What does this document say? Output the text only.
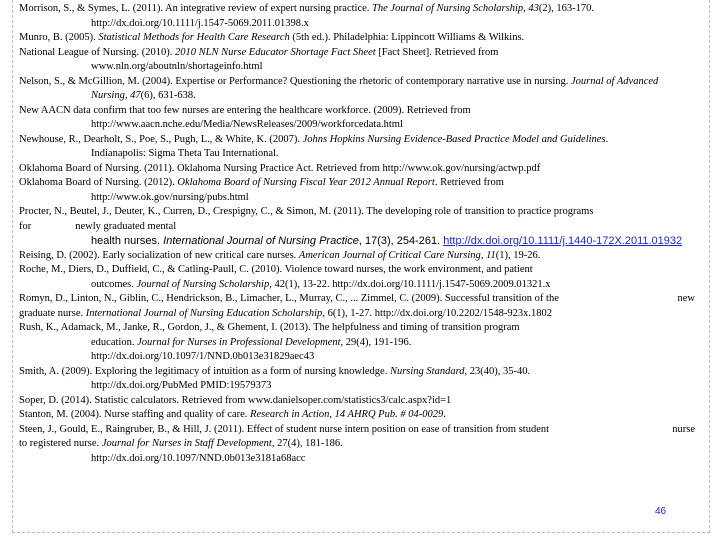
Morrison, S., & Symes, L. (2011). An integrative review of expert nursing practice. The Journal of Nursing Scholarship, 43(2), 163-170.
http://dx.doi.org/10.1111/j.1547-5069.2011.01398.x

Munro, B. (2005). Statistical Methods for Health Care Research (5th ed.). Philadelphia: Lippincott Williams & Wilkins.

National League of Nursing. (2010). 2010 NLN Nurse Educator Shortage Fact Sheet [Fact Sheet]. Retrieved from
www.nln.org/aboutnln/shortageinfo.html

Nelson, S., & McGillion, M. (2004). Expertise or Performance? Questioning the rhetoric of contemporary narrative use in nursing. Journal of Advanced Nursing, 47(6), 631-638.

New AACN data confirm that too few nurses are entering the healthcare workforce. (2009). Retrieved from
http://www.aacn.nche.edu/Media/NewsReleases/2009/workforcedata.html

Newhouse, R., Dearholt, S., Poe, S., Pugh, L., & White, K. (2007). Johns Hopkins Nursing Evidence-Based Practice Model and Guidelines.
Indianapolis: Sigma Theta Tau International.

Oklahoma Board of Nursing. (2011). Oklahoma Nursing Practice Act. Retrieved from http://www.ok.gov/nursing/actwp.pdf

Oklahoma Board of Nursing. (2012). Oklahoma Board of Nursing Fiscal Year 2012 Annual Report. Retrieved from
http://www.ok.gov/nursing/pubs.html

Procter, N., Beutel, J., Deuter, K., Curren, D., Crespigny, C., & Simon, M. (2011). The developing role of transition to practice programs
for	newly graduated mental

health nurses. International Journal of Nursing Practice, 17(3), 254-261. http://dx.doi.org/10.1111/j.1440-172X.2011.01932

Reising, D. (2002). Early socialization of new critical care nurses. American Journal of Critical Care Nursing, 11(1), 19-26.

Roche, M., Diers, D., Duffield, C., & Catling-Paull, C. (2010). Violence toward nurses, the work environment, and patient
outcomes. Journal of Nursing Scholarship, 42(1), 13-22. http://dx.doi.org/10.1111/j.1547-5069.2009.01321.x

Romyn, D., Linton, N., Giblin, C., Hendrickson, B., Limacher, L., Murray, C., ... Zimmel, C. (2009). Successful transition of the	new
graduate nurse. International Journal of Nursing Education Scholarship, 6(1), 1-27. http://dx.doi.org/10.2202/1548-923x.1802

Rush, K., Adamack, M., Janke, R., Gordon, J., & Ghement, I. (2013). The helpfulness and timing of transition program
education. Journal for Nurses in Professional Development, 29(4), 191-196.
http://dx.doi.org/10.1097/1/NND.0b013e31829aec43

Smith, A. (2009). Exploring the legitimacy of intuition as a form of nursing knowledge. Nursing Standard, 23(40), 35-40.
http://dx.doi.org/PubMed PMID:19579373

Soper, D. (2014). Statistic calculators. Retrieved from www.danielsoper.com/statistics3/calc.aspx?id=1

Stanton, M. (2004). Nurse staffing and quality of care. Research in Action, 14 AHRQ Pub. # 04-0029.

Steen, J., Gould, E., Raingruber, B., & Hill, J. (2011). Effect of student nurse intern position on ease of transition from student	nurse
to registered nurse. Journal for Nurses in Staff Development, 27(4), 181-186.
http://dx.doi.org/10.1097/NND.0b013e3181a68acc

46
